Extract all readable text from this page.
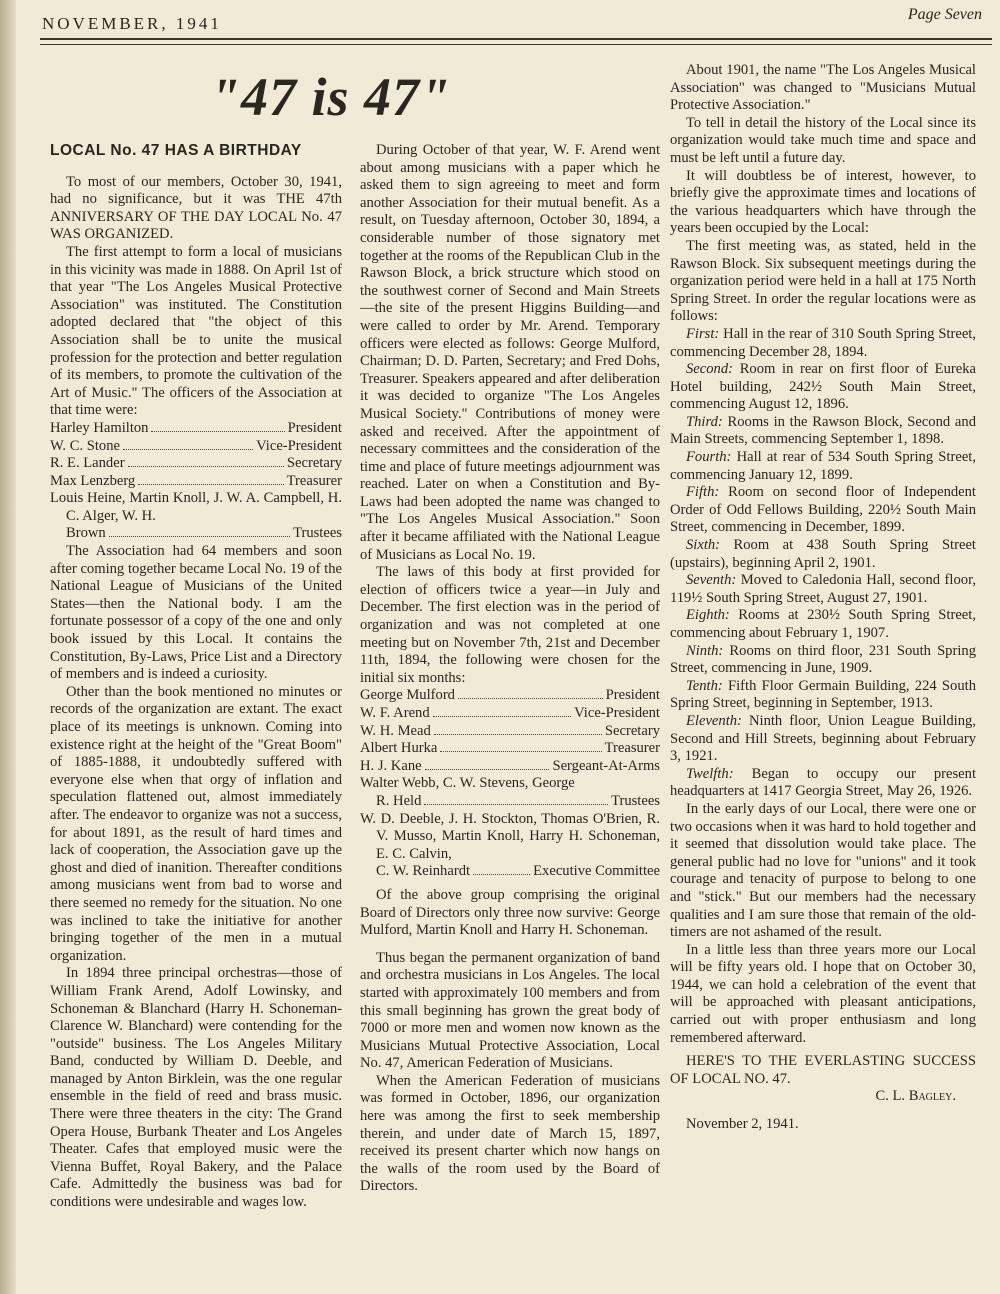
NOVEMBER, 1941	Page Seven
"47 is 47"
LOCAL No. 47 HAS A BIRTHDAY

To most of our members, October 30, 1941, had no significance, but it was THE 47th ANNIVERSARY OF THE DAY LOCAL No. 47 WAS ORGANIZED.

The first attempt to form a local of musicians in this vicinity was made in 1888. On April 1st of that year "The Los Angeles Musical Protective Association" was instituted. The Constitution adopted declared that "the object of this Association shall be to unite the musical profession for the protection and better regulation of its members, to promote the cultivation of the Art of Music." The officers of the Association at that time were:

Harley Hamilton	President
W. C. Stone	Vice-President
R. E. Lander	Secretary
Max Lenzberg	Treasurer
Louis Heine, Martin Knoll, J. W. A. Campbell, H. C. Alger, W. H.
Brown	Trustees

The Association had 64 members and soon after coming together became Local No. 19 of the National League of Musicians of the United States—then the National body. I am the fortunate possessor of a copy of the one and only book issued by this Local. It contains the Constitution, By-Laws, Price List and a Directory of members and is indeed a curiosity.

Other than the book mentioned no minutes or records of the organization are extant. The exact place of its meetings is unknown. Coming into existence right at the height of the "Great Boom" of 1885-1888, it undoubtedly suffered with everyone else when that orgy of inflation and speculation flattened out, almost immediately after. The endeavor to organize was not a success, for about 1891, as the result of hard times and lack of cooperation, the Association gave up the ghost and died of inanition. Thereafter conditions among musicians went from bad to worse and there seemed no remedy for the situation. No one was inclined to take the initiative for another bringing together of the men in a mutual organization.

In 1894 three principal orchestras—those of William Frank Arend, Adolf Lowinsky, and Schoneman & Blanchard (Harry H. Schoneman-Clarence W. Blanchard) were contending for the "outside" business. The Los Angeles Military Band, conducted by William D. Deeble, and managed by Anton Birklein, was the one regular ensemble in the field of reed and brass music. There were three theaters in the city: The Grand Opera House, Burbank Theater and Los Angeles Theater. Cafes that employed music were the Vienna Buffet, Royal Bakery, and the Palace Cafe. Admittedly the business was bad for conditions were undesirable and wages low.

During October of that year, W. F. Arend went about among musicians with a paper which he asked them to sign agreeing to meet and form another Association for their mutual benefit. As a result, on Tuesday afternoon, October 30, 1894, a considerable number of those signatory met together at the rooms of the Republican Club in the Rawson Block, a brick structure which stood on the southwest corner of Second and Main Streets—the site of the present Higgins Building—and were called to order by Mr. Arend. Temporary officers were elected as follows: George Mulford, Chairman; D. D. Parten, Secretary; and Fred Dohs, Treasurer. Speakers appeared and after deliberation it was decided to organize "The Los Angeles Musical Society." Contributions of money were asked and received. After the appointment of necessary committees and the consideration of the time and place of future meetings adjournment was reached. Later on when a Constitution and By-Laws had been adopted the name was changed to "The Los Angeles Musical Association." Soon after it became affiliated with the National League of Musicians as Local No. 19.

The laws of this body at first provided for election of officers twice a year—in July and December. The first election was in the period of organization and was not completed at one meeting but on November 7th, 21st and December 11th, 1894, the following were chosen for the initial six months:

George Mulford	President
W. F. Arend	Vice-President
W. H. Mead	Secretary
Albert Hurka	Treasurer
H. J. Kane	Sergeant-At-Arms
Walter Webb, C. W. Stevens, George
R. Held	Trustees
W. D. Deeble, J. H. Stockton, Thomas O'Brien, R. V. Musso, Martin Knoll, Harry H. Schoneman, E. C. Calvin,
C. W. Reinhardt	Executive Committee

Of the above group comprising the original Board of Directors only three now survive: George Mulford, Martin Knoll and Harry H. Schoneman.

Thus began the permanent organization of band and orchestra musicians in Los Angeles. The local started with approximately 100 members and from this small beginning has grown the great body of 7000 or more men and women now known as the Musicians Mutual Protective Association, Local No. 47, American Federation of Musicians.

When the American Federation of musicians was formed in October, 1896, our organization here was among the first to seek membership therein, and under date of March 15, 1897, received its present charter which now hangs on the walls of the room used by the Board of Directors.

About 1901, the name "The Los Angeles Musical Association" was changed to "Musicians Mutual Protective Association."

To tell in detail the history of the Local since its organization would take much time and space and must be left until a future day.

It will doubtless be of interest, however, to briefly give the approximate times and locations of the various headquarters which have through the years been occupied by the Local:

The first meeting was, as stated, held in the Rawson Block. Six subsequent meetings during the organization period were held in a hall at 175 North Spring Street. In order the regular locations were as follows:

First: Hall in the rear of 310 South Spring Street, commencing December 28, 1894.

Second: Room in rear on first floor of Eureka Hotel building, 242½ South Main Street, commencing August 12, 1896.

Third: Rooms in the Rawson Block, Second and Main Streets, commencing September 1, 1898.

Fourth: Hall at rear of 534 South Spring Street, commencing January 12, 1899.

Fifth: Room on second floor of Independent Order of Odd Fellows Building, 220½ South Main Street, commencing in December, 1899.

Sixth: Room at 438 South Spring Street (upstairs), beginning April 2, 1901.

Seventh: Moved to Caledonia Hall, second floor, 119½ South Spring Street, August 27, 1901.

Eighth: Rooms at 230½ South Spring Street, commencing about February 1, 1907.

Ninth: Rooms on third floor, 231 South Spring Street, commencing in June, 1909.

Tenth: Fifth Floor Germain Building, 224 South Spring Street, beginning in September, 1913.

Eleventh: Ninth floor, Union League Building, Second and Hill Streets, beginning about February 3, 1921.

Twelfth: Began to occupy our present headquarters at 1417 Georgia Street, May 26, 1926.

In the early days of our Local, there were one or two occasions when it was hard to hold together and it seemed that dissolution would take place. The general public had no love for "unions" and it took courage and tenacity of purpose to belong to one and "stick." But our members had the necessary qualities and I am sure those that remain of the old-timers are not ashamed of the result.

In a little less than three years more our Local will be fifty years old. I hope that on October 30, 1944, we can hold a celebration of the event that will be approached with pleasant anticipations, carried out with proper enthusiasm and long remembered afterward.

HERE'S TO THE EVERLASTING SUCCESS OF LOCAL NO. 47.

C. L. Bagley.

November 2, 1941.
